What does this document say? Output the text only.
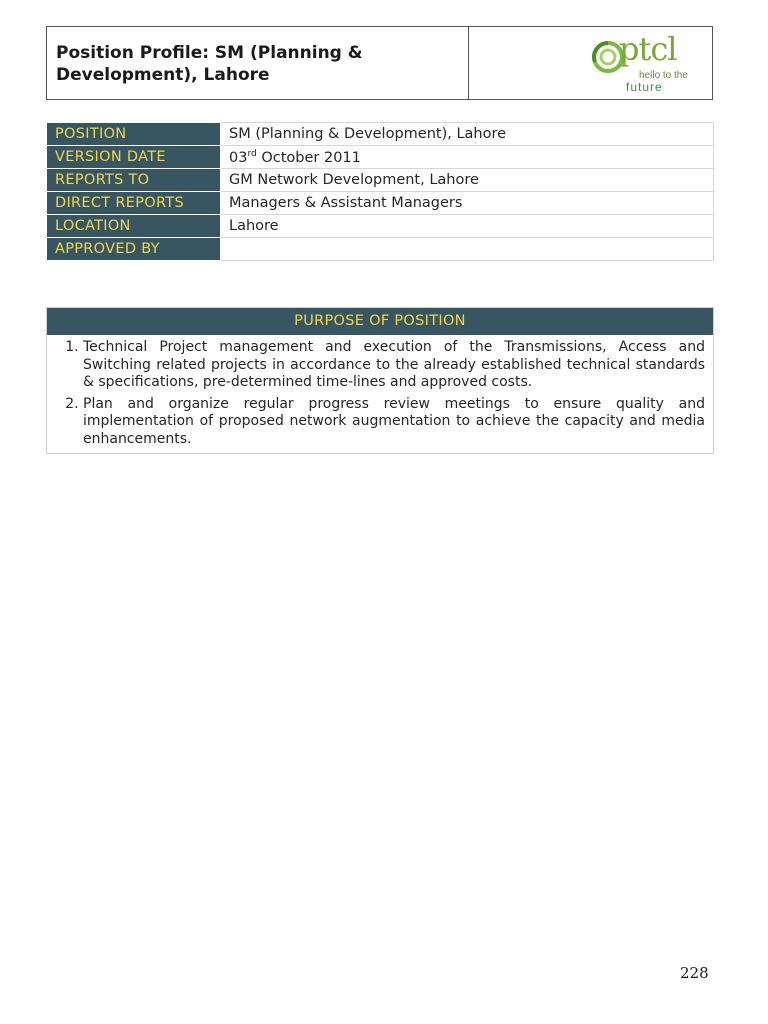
Position Profile: SM (Planning &
Development), Lahore
ptcl
hello to the
future
POSITION	SM (Planning & Development), Lahore
VERSION DATE	03rd October 2011
REPORTS TO	GM Network Development, Lahore
DIRECT REPORTS	Managers & Assistant Managers
LOCATION	Lahore
APPROVED BY	
PURPOSE OF POSITION
1. Technical Project management and execution of the Transmissions, Access and Switching related projects in accordance to the already established technical standards & specifications, pre-determined time-lines and approved costs.
2. Plan and organize regular progress review meetings to ensure quality and implementation of proposed network augmentation to achieve the capacity and media enhancements.
228
